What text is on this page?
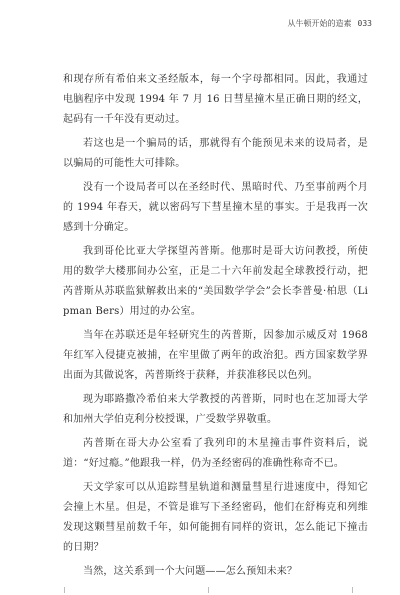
从牛顿开始的造素 033

和现存所有希伯来文圣经版本，每一个字母都相同。因此，我通过电脑程序中发现 1994 年 7 月 16 日彗星撞木星正确日期的经文，起码有一千年没有更动过。

若这也是一个骗局的话，那就得有个能预见未来的设局者，是以骗局的可能性大可排除。

没有一个设局者可以在圣经时代、黑暗时代、乃至事前两个月的 1994 年春天，就以密码写下彗星撞木星的事实。于是我再一次感到十分确定。

我到哥伦比亚大学探望芮普斯。他那时是哥大访问教授，所使用的数学大楼那间办公室，正是二十六年前发起全球教授行动，把芮普斯从苏联监狱解救出来的“美国数学学会”会长李普曼·柏思（Lipman Bers）用过的办公室。

当年在苏联还是年轻研究生的芮普斯，因参加示威反对 1968 年红军入侵捷克被捕，在牢里做了两年的政治犯。西方国家数学界出面为其做说客，芮普斯终于获释，并获准移民以色列。

现为耶路撒冷希伯来大学教授的芮普斯，同时也在芝加哥大学和加州大学伯克利分校授课，广受数学界敬重。

芮普斯在哥大办公室看了我列印的木星撞击事件资料后，说道：“好过瘾。”他跟我一样，仍为圣经密码的准确性称奇不已。

天文学家可以从追踪彗星轨道和测量彗星行进速度中，得知它会撞上木星。但是，不管是谁写下圣经密码，他们在舒梅克和列维发现这颗彗星前数千年，如何能拥有同样的资讯，怎么能记下撞击的日期？

当然，这关系到一个大问题——怎么预知未来？
